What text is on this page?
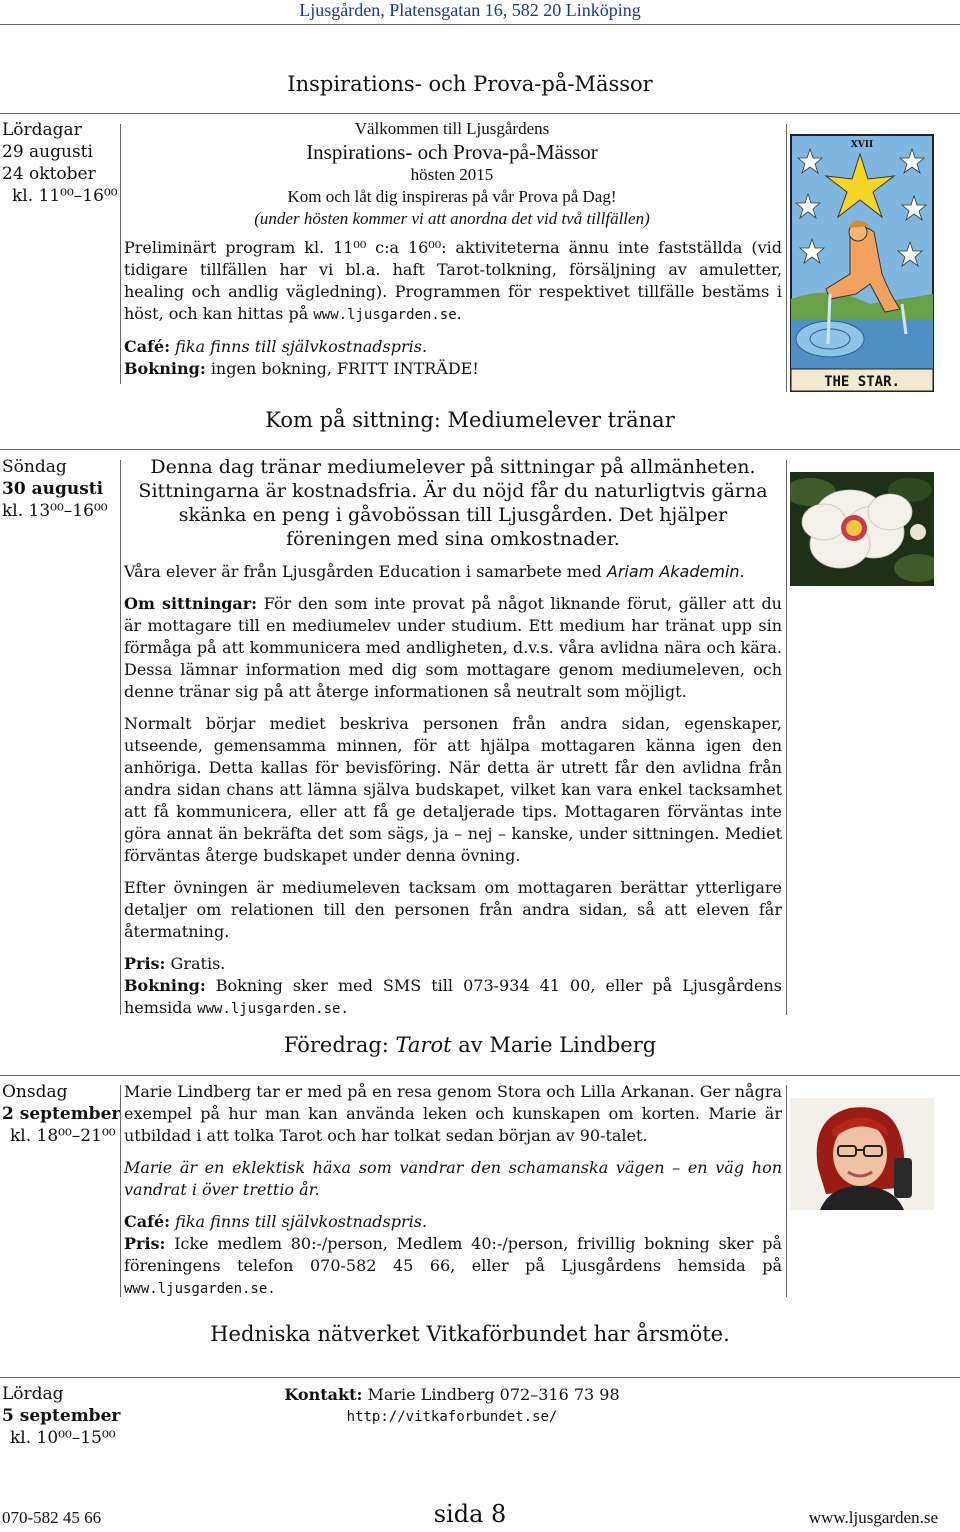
Ljusgården, Platensgatan 16, 582 20 Linköping
Inspirations- och Prova-på-Mässor
Lördagar
29 augusti
24 oktober
kl. 11⁰⁰–16⁰⁰
Välkommen till Ljusgårdens
Inspirations- och Prova-på-Mässor
hösten 2015
Kom och låt dig inspireras på vår Prova på Dag!
(under hösten kommer vi att anordna det vid två tillfällen)

Preliminärt program kl. 11⁰⁰ c:a 16⁰⁰: aktiviteterna ännu inte fastställda (vid tidigare tillfällen har vi bl.a. haft Tarot-tolkning, försäljning av amuletter, healing och andlig vägledning). Programmen för respektivet tillfälle bestäms i höst, och kan hittas på www.ljusgarden.se.

Café: fika finns till självkostnadspris.
Bokning: ingen bokning, FRITT INTRÄDE!
THE STAR.
XVII
Kom på sittning: Mediumelever tränar
Söndag
30 augusti
kl. 13⁰⁰–16⁰⁰
Denna dag tränar mediumelever på sittningar på allmänheten. Sittningarna är kostnadsfria. Är du nöjd får du naturligtvis gärna skänka en peng i gåvobössan till Ljusgården. Det hjälper föreningen med sina omkostnader.

Våra elever är från Ljusgården Education i samarbete med Ariam Akademin.

Om sittningar: För den som inte provat på något liknande förut, gäller att du är mottagare till en mediumelev under studium. Ett medium har tränat upp sin förmåga på att kommunicera med andligheten, d.v.s. våra avlidna nära och kära. Dessa lämnar information med dig som mottagare genom mediumeleven, och denne tränar sig på att återge informationen så neutralt som möjligt.

Normalt börjar mediet beskriva personen från andra sidan, egenskaper, utseende, gemensamma minnen, för att hjälpa mottagaren känna igen den anhöriga. Detta kallas för bevisföring. När detta är utrett får den avlidna från andra sidan chans att lämna själva budskapet, vilket kan vara enkel tacksamhet att få kommunicera, eller att få ge detaljerade tips. Mottagaren förväntas inte göra annat än bekräfta det som sägs, ja – nej – kanske, under sittningen. Mediet förväntas återge budskapet under denna övning.

Efter övningen är mediumeleven tacksam om mottagaren berättar ytterligare detaljer om relationen till den personen från andra sidan, så att eleven får återmatning.

Pris: Gratis.
Bokning: Bokning sker med SMS till 073-934 41 00, eller på Ljusgårdens hemsida www.ljusgarden.se.
Föredrag: Tarot av Marie Lindberg
Onsdag
2 september
kl. 18⁰⁰–21⁰⁰

Marie Lindberg tar er med på en resa genom Stora och Lilla Arkanan. Ger några exempel på hur man kan använda leken och kunskapen om korten. Marie är utbildad i att tolka Tarot och har tolkat sedan början av 90-talet.

Marie är en eklektisk häxa som vandrar den schamanska vägen – en väg hon vandrat i över trettio år.

Café: fika finns till självkostnadspris.
Pris: Icke medlem 80:-/person, Medlem 40:-/person, frivillig bokning sker på föreningens telefon 070-582 45 66, eller på Ljusgårdens hemsida på www.ljusgarden.se.
Hedniska nätverket Vitkaförbundet har årsmöte.
Lördag
5 september
kl. 10⁰⁰–15⁰⁰
Kontakt: Marie Lindberg 072–316 73 98
http://vitkaforbundet.se/
070-582 45 66	sida 8	www.ljusgarden.se
